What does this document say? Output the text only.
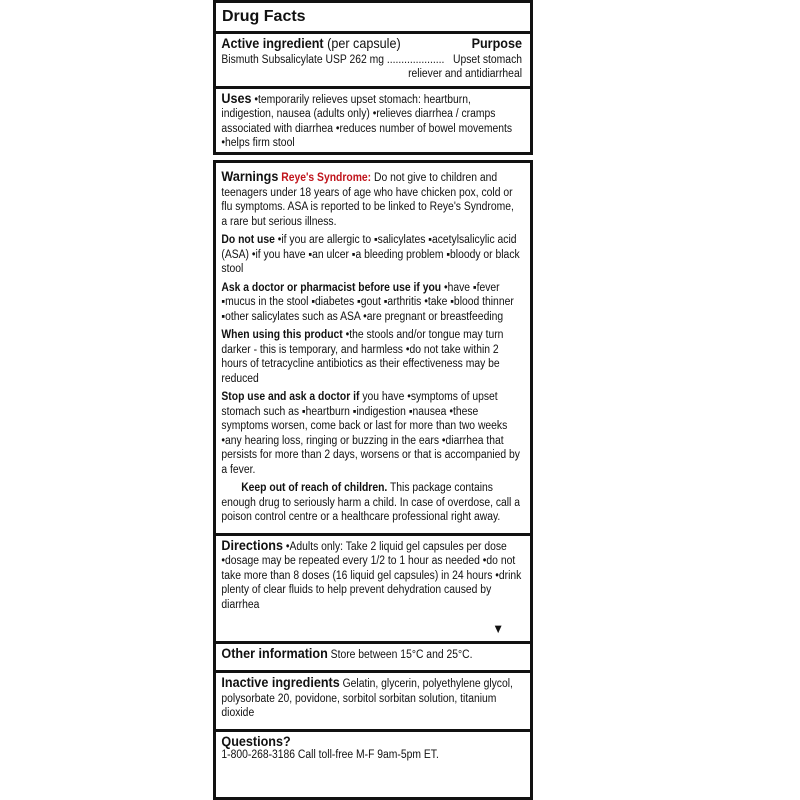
Drug Facts
Active ingredient (per capsule)	Purpose
Bismuth Subsalicylate USP 262 mg .................... Upset stomach
reliever and antidiarrheal

Uses •temporarily relieves upset stomach: heartburn, indigestion, nausea (adults only) •relieves diarrhea / cramps associated with diarrhea •reduces number of bowel movements •helps firm stool

Warnings Reye's Syndrome: Do not give to children and teenagers under 18 years of age who have chicken pox, cold or flu symptoms. ASA is reported to be linked to Reye's Syndrome, a rare but serious illness.

Do not use •if you are allergic to ▪salicylates ▪acetylsalicylic acid (ASA) •if you have ▪an ulcer ▪a bleeding problem ▪bloody or black stool

Ask a doctor or pharmacist before use if you •have ▪fever ▪mucus in the stool ▪diabetes ▪gout ▪arthritis •take ▪blood thinner ▪other salicylates such as ASA •are pregnant or breastfeeding

When using this product •the stools and/or tongue may turn darker - this is temporary, and harmless •do not take within 2 hours of tetracycline antibiotics as their effectiveness may be reduced

Stop use and ask a doctor if you have •symptoms of upset stomach such as ▪heartburn ▪indigestion ▪nausea •these symptoms worsen, come back or last for more than two weeks •any hearing loss, ringing or buzzing in the ears •diarrhea that persists for more than 2 days, worsens or that is accompanied by a fever.

Keep out of reach of children. This package contains enough drug to seriously harm a child. In case of overdose, call a poison control centre or a healthcare professional right away.

Directions •Adults only: Take 2 liquid gel capsules per dose •dosage may be repeated every 1/2 to 1 hour as needed •do not take more than 8 doses (16 liquid gel capsules) in 24 hours •drink plenty of clear fluids to help prevent dehydration caused by diarrhea

▼

Other information Store between 15°C and 25°C.

Inactive ingredients Gelatin, glycerin, polyethylene glycol, polysorbate 20, povidone, sorbitol sorbitan solution, titanium dioxide

Questions?
1-800-268-3186 Call toll-free M-F 9am-5pm ET.
